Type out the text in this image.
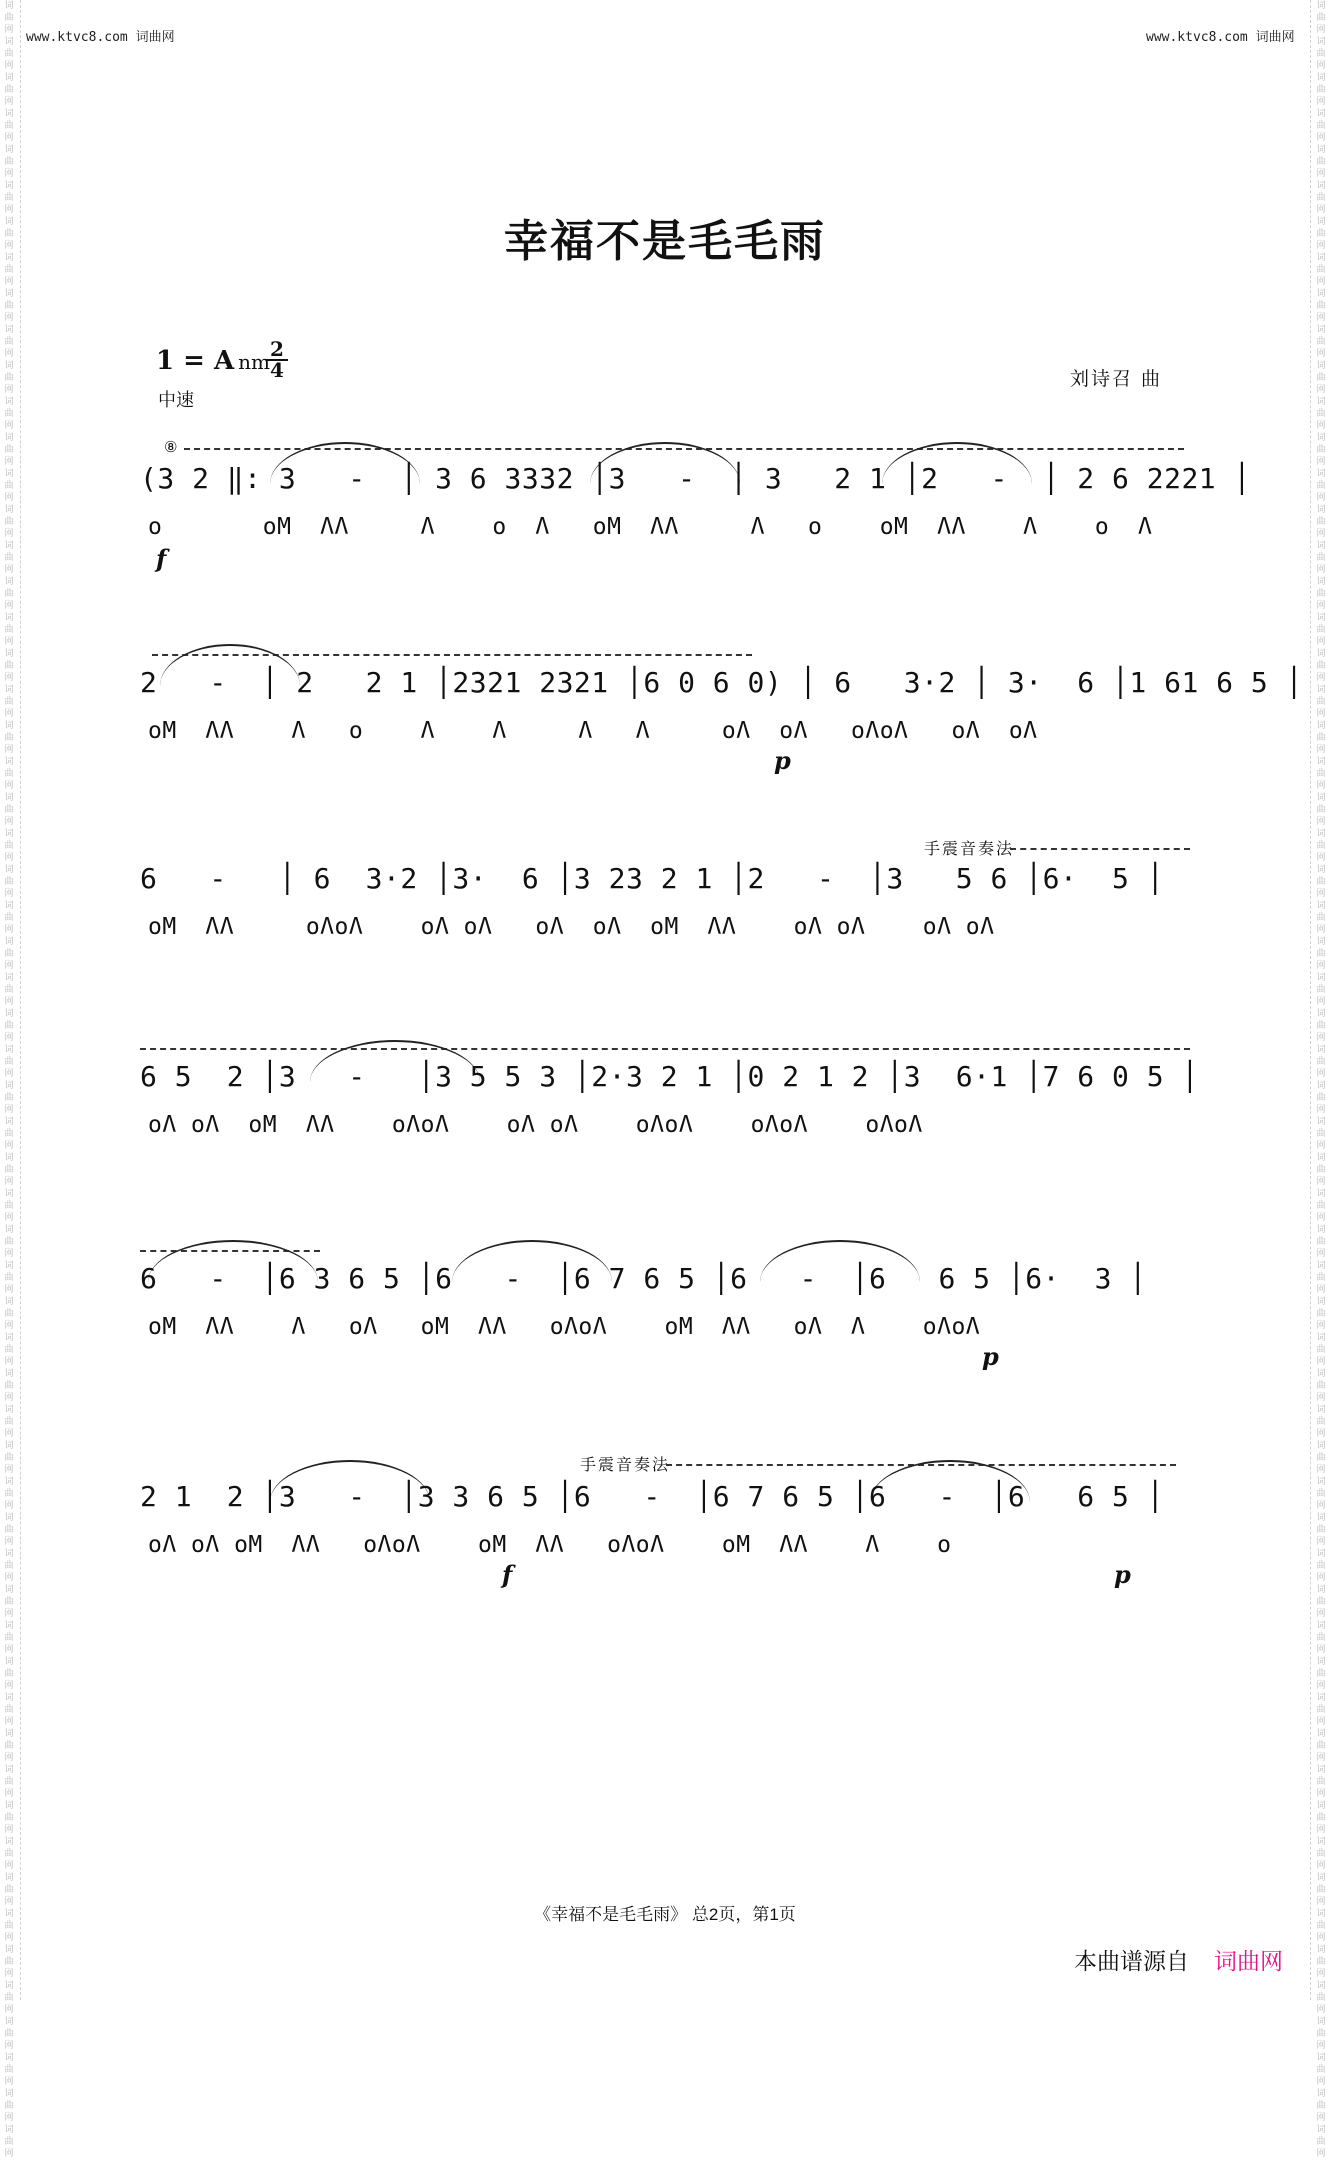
词曲网词曲网词曲网词曲网词曲网词曲网词曲网词曲网词曲网词曲网词曲网词曲网词曲网词曲网词曲网词曲网词曲网词曲网词曲网词曲网词曲网词曲网词曲网词曲网词曲网词曲网词曲网词曲网词曲网词曲网词曲网词曲网词曲网词曲网词曲网词曲网词曲网词曲网词曲网词曲网词曲网词曲网词曲网词曲网词曲网词曲网词曲网词曲网词曲网词曲网词曲网词曲网词曲网词曲网词曲网词曲网词曲网词曲网词曲网词曲网
词曲网词曲网词曲网词曲网词曲网词曲网词曲网词曲网词曲网词曲网词曲网词曲网词曲网词曲网词曲网词曲网词曲网词曲网词曲网词曲网词曲网词曲网词曲网词曲网词曲网词曲网词曲网词曲网词曲网词曲网词曲网词曲网词曲网词曲网词曲网词曲网词曲网词曲网词曲网词曲网词曲网词曲网词曲网词曲网词曲网词曲网词曲网词曲网词曲网词曲网词曲网词曲网词曲网词曲网词曲网词曲网词曲网词曲网词曲网词曲网
www.ktvc8.com 词曲网	www.ktvc8.com 词曲网
幸福不是毛毛雨
1 = A nm
2
4
中速
刘诗召 曲
⑧
(3 2 ‖: 3   -  │ 3 6 3332 │3   -  │ 3   2 1 │2   -  │ 2 6 2221 │
o       oM  ΛΛ     Λ    o  Λ   oM  ΛΛ     Λ   o    oM  ΛΛ    Λ    o  Λ
f
2   -  │ 2   2 1 │2321 2321 │6 0 6 0) │ 6   3·2 │ 3·  6 │1 61 6 5 │
oM  ΛΛ    Λ   o    Λ    Λ     Λ   Λ     oΛ  oΛ   oΛoΛ   oΛ  oΛ
p
手震音奏法
6   -   │ 6  3·2 │3·  6 │3 23 2 1 │2   -  │3   5 6 │6·  5 │
oM  ΛΛ     oΛoΛ    oΛ oΛ   oΛ  oΛ  oM  ΛΛ    oΛ oΛ    oΛ oΛ
6 5  2 │3   -   │3 5 5 3 │2·3 2 1 │0 2 1 2 │3  6·1 │7 6 0 5 │
oΛ oΛ  oM  ΛΛ    oΛoΛ    oΛ oΛ    oΛoΛ    oΛoΛ    oΛoΛ
6   -  │6 3 6 5 │6   -  │6 7 6 5 │6   -  │6   6 5 │6·  3 │
oM  ΛΛ    Λ   oΛ   oM  ΛΛ   oΛoΛ    oM  ΛΛ   oΛ  Λ    oΛoΛ
p
手震音奏法
2 1  2 │3   -  │3 3 6 5 │6   -  │6 7 6 5 │6   -  │6   6 5 │
oΛ oΛ oM  ΛΛ   oΛoΛ    oM  ΛΛ   oΛoΛ    oM  ΛΛ    Λ    o
f	p
《幸福不是毛毛雨》 总2页，第1页
本曲谱源自 词曲网
